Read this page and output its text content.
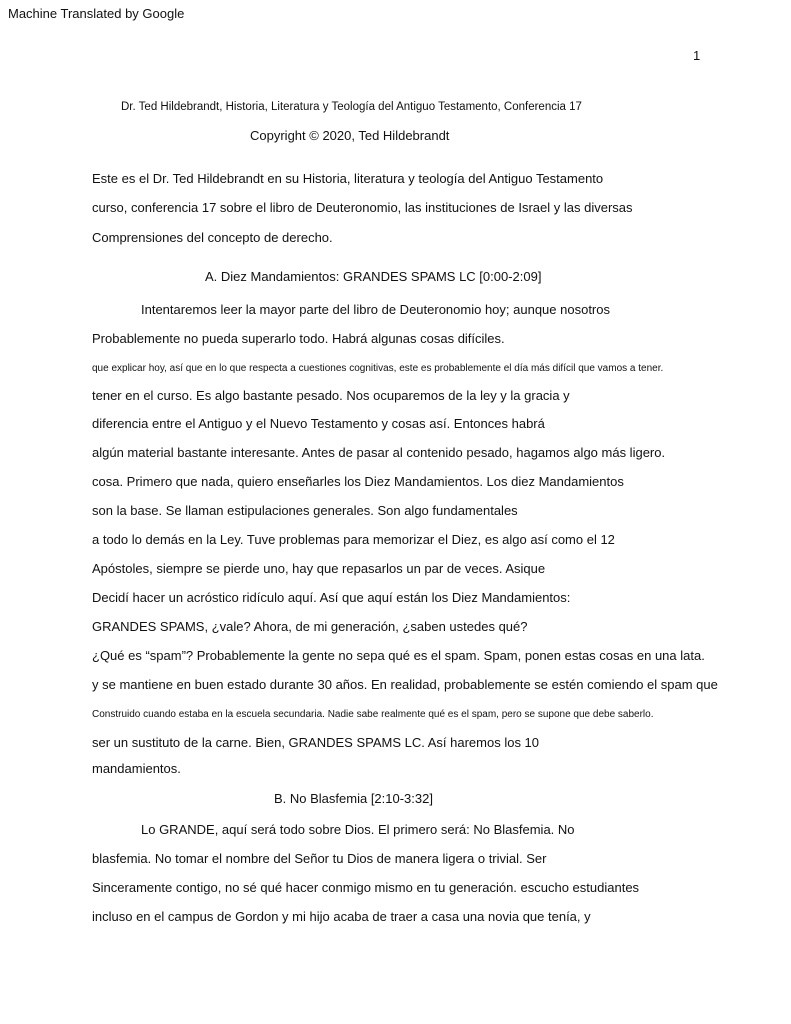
Machine Translated by Google
1
Dr. Ted Hildebrandt, Historia, Literatura y Teología del Antiguo Testamento, Conferencia 17
Copyright © 2020, Ted Hildebrandt
Este es el Dr. Ted Hildebrandt en su Historia, literatura y teología del Antiguo Testamento
curso, conferencia 17 sobre el libro de Deuteronomio, las instituciones de Israel y las diversas
Comprensiones del concepto de derecho.
A. Diez Mandamientos: GRANDES SPAMS LC [0:00-2:09]
Intentaremos leer la mayor parte del libro de Deuteronomio hoy; aunque nosotros
Probablemente no pueda superarlo todo. Habrá algunas cosas difíciles.
que explicar hoy, así que en lo que respecta a cuestiones cognitivas, este es probablemente el día más difícil que vamos a tener.
tener en el curso. Es algo bastante pesado. Nos ocuparemos de la ley y la gracia y
diferencia entre el Antiguo y el Nuevo Testamento y cosas así. Entonces habrá
algún material bastante interesante. Antes de pasar al contenido pesado, hagamos algo más ligero.
cosa. Primero que nada, quiero enseñarles los Diez Mandamientos. Los diez Mandamientos
son la base. Se llaman estipulaciones generales. Son algo fundamentales
a todo lo demás en la Ley. Tuve problemas para memorizar el Diez, es algo así como el 12
Apóstoles, siempre se pierde uno, hay que repasarlos un par de veces. Asique
Decidí hacer un acróstico ridículo aquí. Así que aquí están los Diez Mandamientos:
GRANDES SPAMS, ¿vale? Ahora, de mi generación, ¿saben ustedes qué?
¿Qué es “spam”? Probablemente la gente no sepa qué es el spam. Spam, ponen estas cosas en una lata.
y se mantiene en buen estado durante 30 años. En realidad, probablemente se estén comiendo el spam que
Construido cuando estaba en la escuela secundaria. Nadie sabe realmente qué es el spam, pero se supone que debe saberlo.
ser un sustituto de la carne. Bien, GRANDES SPAMS LC. Así haremos los 10
mandamientos.
B. No Blasfemia [2:10-3:32]
Lo GRANDE, aquí será todo sobre Dios. El primero será: No Blasfemia. No
blasfemia. No tomar el nombre del Señor tu Dios de manera ligera o trivial. Ser
Sinceramente contigo, no sé qué hacer conmigo mismo en tu generación. escucho estudiantes
incluso en el campus de Gordon y mi hijo acaba de traer a casa una novia que tenía, y
